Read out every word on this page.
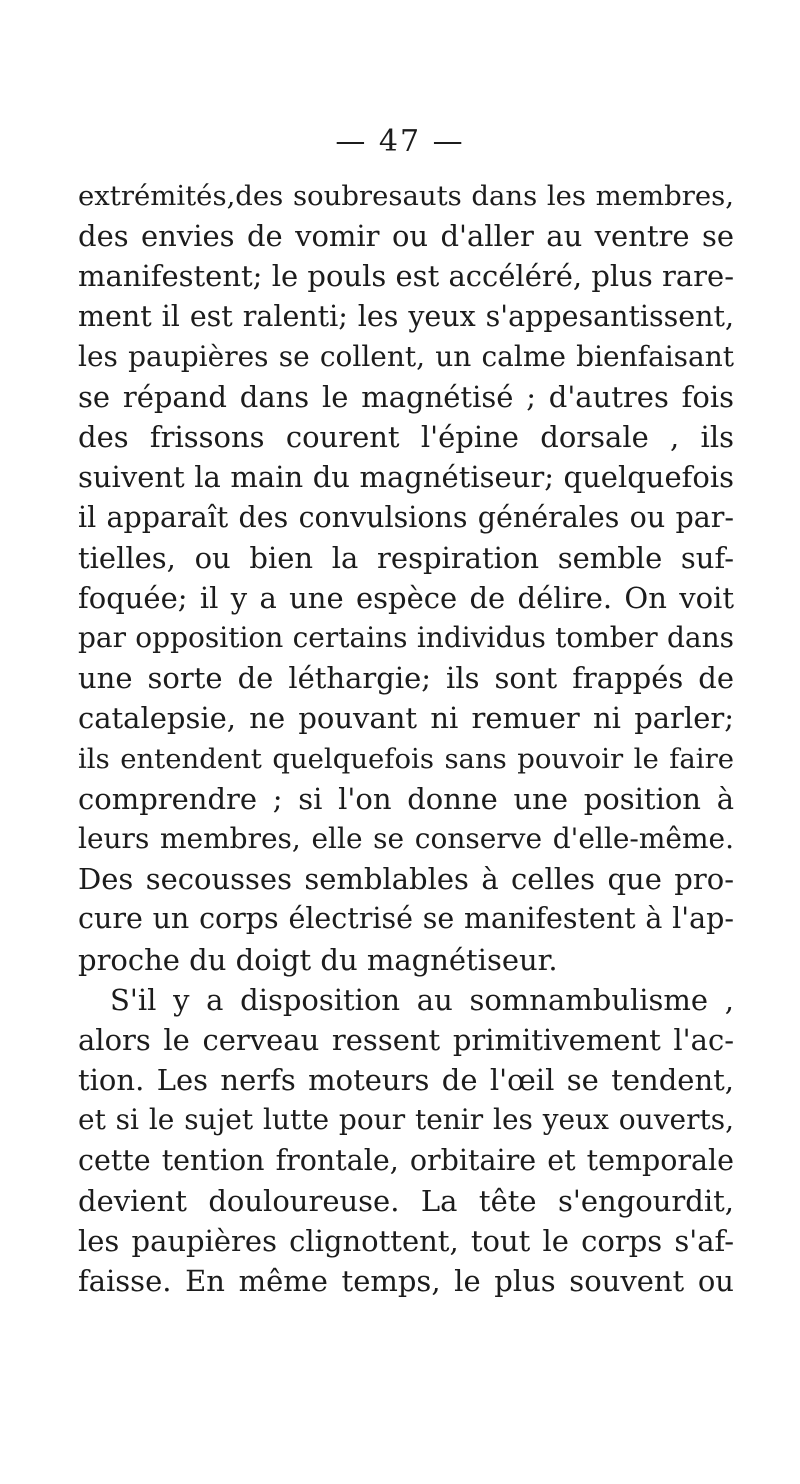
— 47 —
extrémités,des soubresauts dans les membres,
des envies de vomir ou d'aller au ventre se
manifestent; le pouls est accéléré, plus rare-
ment il est ralenti; les yeux s'appesantissent,
les paupières se collent, un calme bienfaisant
se répand dans le magnétisé ; d'autres fois
des frissons courent l'épine dorsale , ils
suivent la main du magnétiseur; quelquefois
il apparaît des convulsions générales ou par-
tielles, ou bien la respiration semble suf-
foquée; il y a une espèce de délire. On voit
par opposition certains individus tomber dans
une sorte de léthargie; ils sont frappés de
catalepsie, ne pouvant ni remuer ni parler;
ils entendent quelquefois sans pouvoir le faire
comprendre ; si l'on donne une position à
leurs membres, elle se conserve d'elle-même.
Des secousses semblables à celles que pro-
cure un corps électrisé se manifestent à l'ap-
proche du doigt du magnétiseur.
S'il y a disposition au somnambulisme ,
alors le cerveau ressent primitivement l'ac-
tion. Les nerfs moteurs de l'œil se tendent,
et si le sujet lutte pour tenir les yeux ouverts,
cette tention frontale, orbitaire et temporale
devient douloureuse. La tête s'engourdit,
les paupières clignottent, tout le corps s'af-
faisse. En même temps, le plus souvent ou
